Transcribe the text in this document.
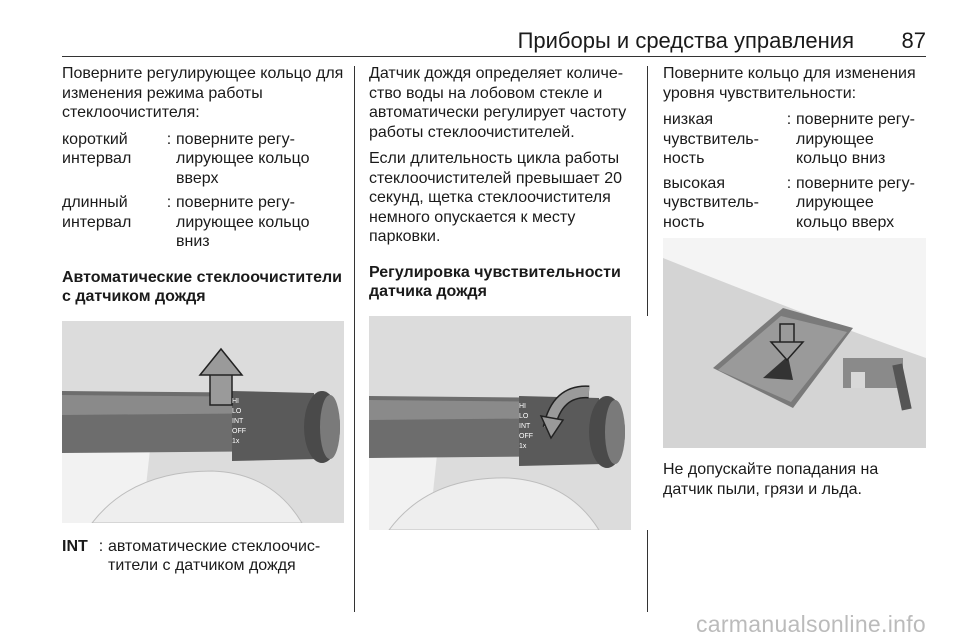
Приборы и средства управления 87

Поверните регулирующее кольцо для изменения режима работы стеклоочистителя:

короткий интервал
: поверните регу-лирующее кольцо вверх
длинный интервал
: поверните регу-лирующее кольцо вниз

Автоматические стеклоочистители с датчиком дождя

HI
LO
INT
OFF
1x
INT : автоматические стеклоочис-тители с датчиком дождя

Датчик дождя определяет количе-ство воды на лобовом стекле и автоматически регулирует частоту работы стеклоочистителей.

Если длительность цикла работы стеклоочистителей превышает 20 секунд, щетка стеклоочистителя немного опускается к месту парковки.

Регулировка чувствительности датчика дождя

HI
LO
INT
OFF
1x

Поверните кольцо для изменения уровня чувствительности:

низкая чувствитель-ность
: поверните регу-лирующее кольцо вниз
высокая чувствитель-ность
: поверните регу-лирующее кольцо вверх

Не допускайте попадания на датчик пыли, грязи и льда.

carmanualsonline.info
